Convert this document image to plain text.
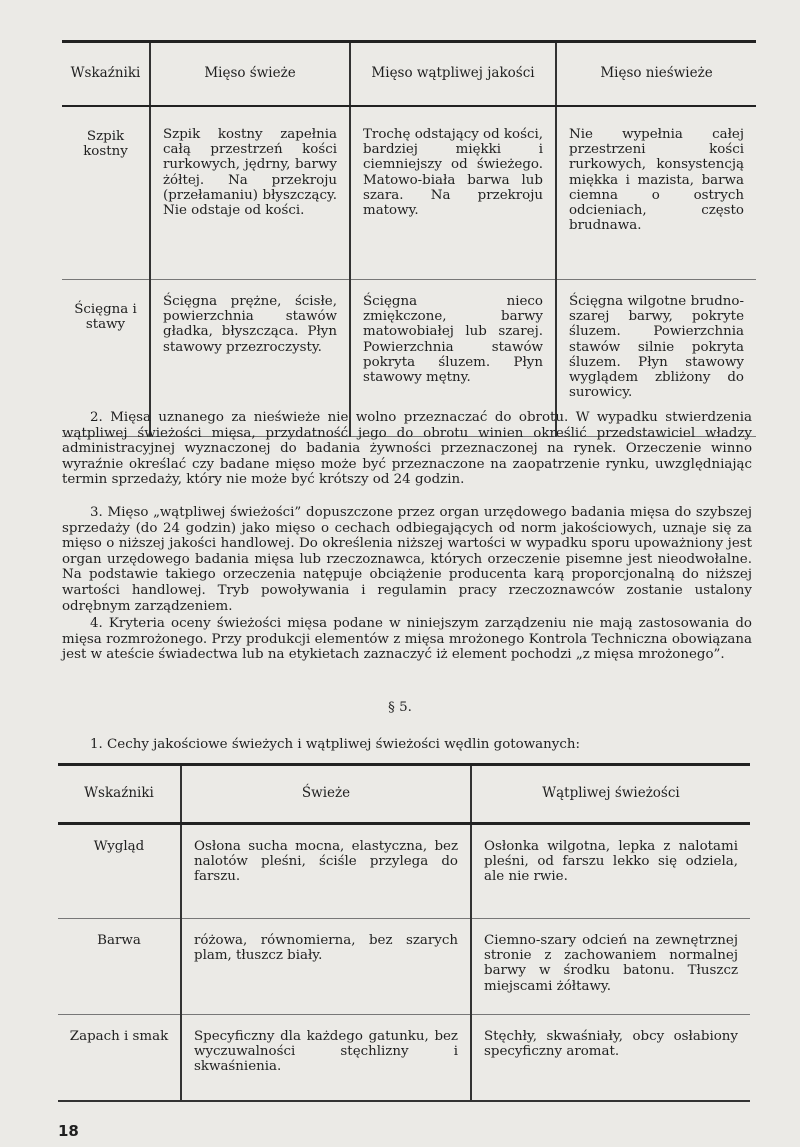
Wskaźniki	Mięso świeże	Mięso wątpliwej jakości	Mięso nieświeże
Szpik kostny	Szpik kostny zapełnia całą przestrzeń kości rurkowych, jędrny, barwy żółtej. Na przekroju (przełamaniu) błyszczący. Nie odstaje od kości.	Trochę odstający od kości, bardziej miękki i ciemniejszy od świeżego. Matowo-biała barwa lub szara. Na przekroju matowy.	Nie wypełnia całej przestrzeni kości rurkowych, konsystencją miękka i mazista, barwa ciemna o ostrych odcieniach, często brudnawa.
Ścięgna i stawy	Ścięgna prężne, ścisłe, powierzchnia stawów gładka, błyszcząca. Płyn stawowy przezroczysty.	Ścięgna nieco zmiękczone, barwy matowobiałej lub szarej. Powierzchnia stawów pokryta śluzem. Płyn stawowy mętny.	Ścięgna wilgotne brudno-szarej barwy, pokryte śluzem. Powierzchnia stawów silnie pokryta śluzem. Płyn stawowy wyglądem zbliżony do surowicy.

2. Mięsa uznanego za nieświeże nie wolno przeznaczać do obrotu. W wypadku stwierdzenia wątpliwej świeżości mięsa, przydatność jego do obrotu winien określić przedstawiciel władzy administracyjnej wyznaczonej do badania żywności przeznaczonej na rynek. Orzeczenie winno wyraźnie określać czy badane mięso może być przeznaczone na zaopatrzenie rynku, uwzględniając termin sprzedaży, który nie może być krótszy od 24 godzin.

3. Mięso „wątpliwej świeżości” dopuszczone przez organ urzędowego badania mięsa do szybszej sprzedaży (do 24 godzin) jako mięso o cechach odbiegających od norm jakościowych, uznaje się za mięso o niższej jakości handlowej. Do określenia niższej wartości w wypadku sporu upoważniony jest organ urzędowego badania mięsa lub rzeczoznawca, których orzeczenie pisemne jest nieodwołalne. Na podstawie takiego orzeczenia natępuje obciążenie producenta karą proporcjonalną do niższej wartości handlowej. Tryb powoływania i regulamin pracy rzeczoznawców zostanie ustalony odrębnym zarządzeniem.

4. Kryteria oceny świeżości mięsa podane w niniejszym zarządzeniu nie mają zastosowania do mięsa rozmrożonego. Przy produkcji elementów z mięsa mrożonego Kontrola Techniczna obowiązana jest w ateście świadectwa lub na etykietach zaznaczyć iż element pochodzi „z mięsa mrożonego”.

§ 5.
1. Cechy jakościowe świeżych i wątpliwej świeżości wędlin gotowanych:
Wskaźniki	Świeże	Wątpliwej świeżości
Wygląd	Osłona sucha mocna, elastyczna, bez nalotów pleśni, ściśle przylega do farszu.	Osłonka wilgotna, lepka z nalotami pleśni, od farszu lekko się odziela, ale nie rwie.
Barwa	różowa, równomierna, bez szarych plam, tłuszcz biały.	Ciemno-szary odcień na zewnętrznej stronie z zachowaniem normalnej barwy w środku batonu. Tłuszcz miejscami żółtawy.
Zapach i smak	Specyficzny dla każdego gatunku, bez wyczuwalności stęchlizny i skwaśnienia.	Stęchły, skwaśniały, obcy osłabiony specyficzny aromat.
18
